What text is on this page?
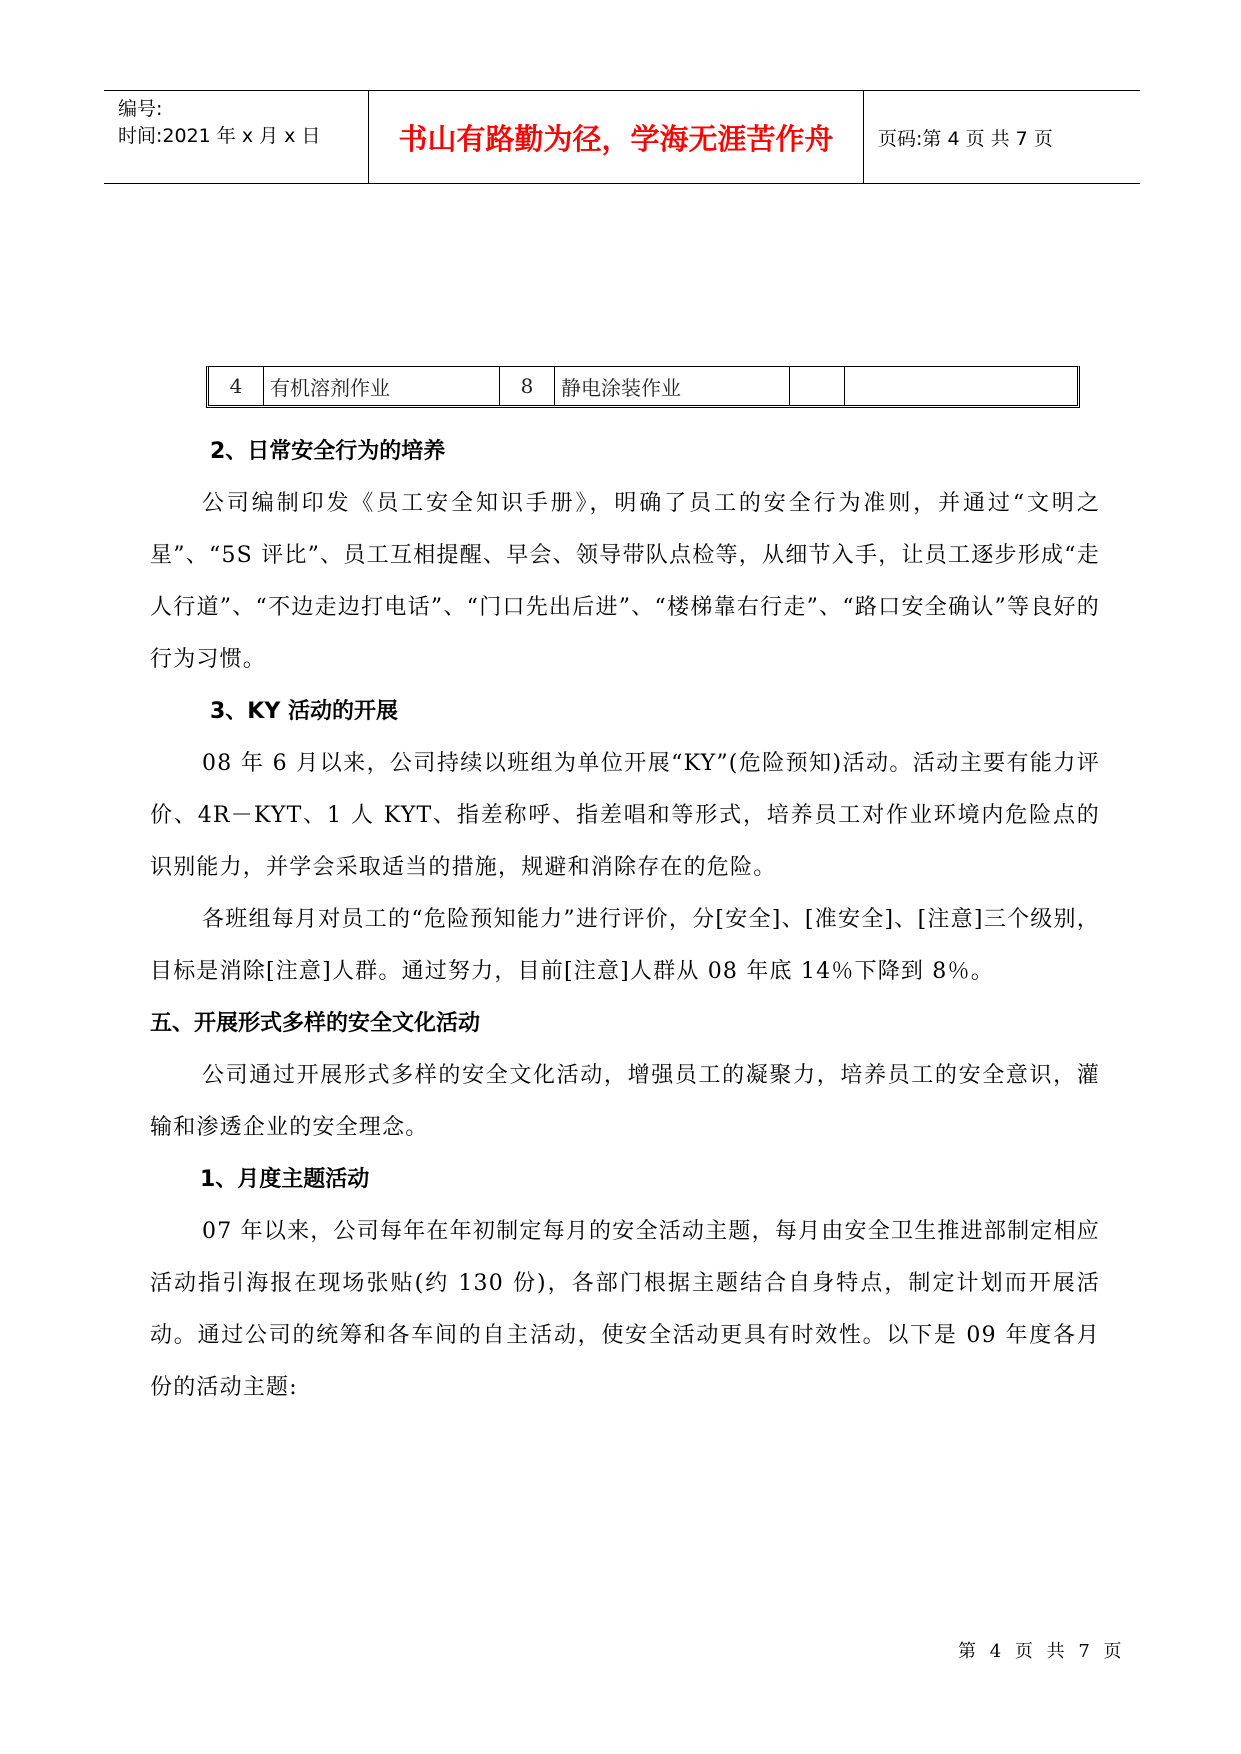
编号:
时间:2021 年 x 月 x 日	书山有路勤为径，学海无涯苦作舟	页码:第 4 页 共 7 页
4	有机溶剂作业	8	静电涂装作业
2、日常安全行为的培养

公司编制印发《员工安全知识手册》，明确了员工的安全行为准则，并通过“文明之星”、“5S 评比”、员工互相提醒、早会、领导带队点检等，从细节入手，让员工逐步形成“走人行道”、“不边走边打电话”、“门口先出后进”、“楼梯靠右行走”、“路口安全确认”等良好的行为习惯。

3、KY 活动的开展

08 年 6 月以来，公司持续以班组为单位开展“KY”(危险预知)活动。活动主要有能力评价、4R－KYT、1 人 KYT、指差称呼、指差唱和等形式，培养员工对作业环境内危险点的识别能力，并学会采取适当的措施，规避和消除存在的危险。

各班组每月对员工的“危险预知能力”进行评价，分[安全]、[准安全]、[注意]三个级别，目标是消除[注意]人群。通过努力，目前[注意]人群从 08 年底 14％下降到 8％。

五、开展形式多样的安全文化活动

公司通过开展形式多样的安全文化活动，增强员工的凝聚力，培养员工的安全意识，灌输和渗透企业的安全理念。

1、月度主题活动

07 年以来，公司每年在年初制定每月的安全活动主题，每月由安全卫生推进部制定相应活动指引海报在现场张贴(约 130 份)，各部门根据主题结合自身特点，制定计划而开展活动。通过公司的统筹和各车间的自主活动，使安全活动更具有时效性。以下是 09 年度各月份的活动主题:

第 4 页 共 7 页
